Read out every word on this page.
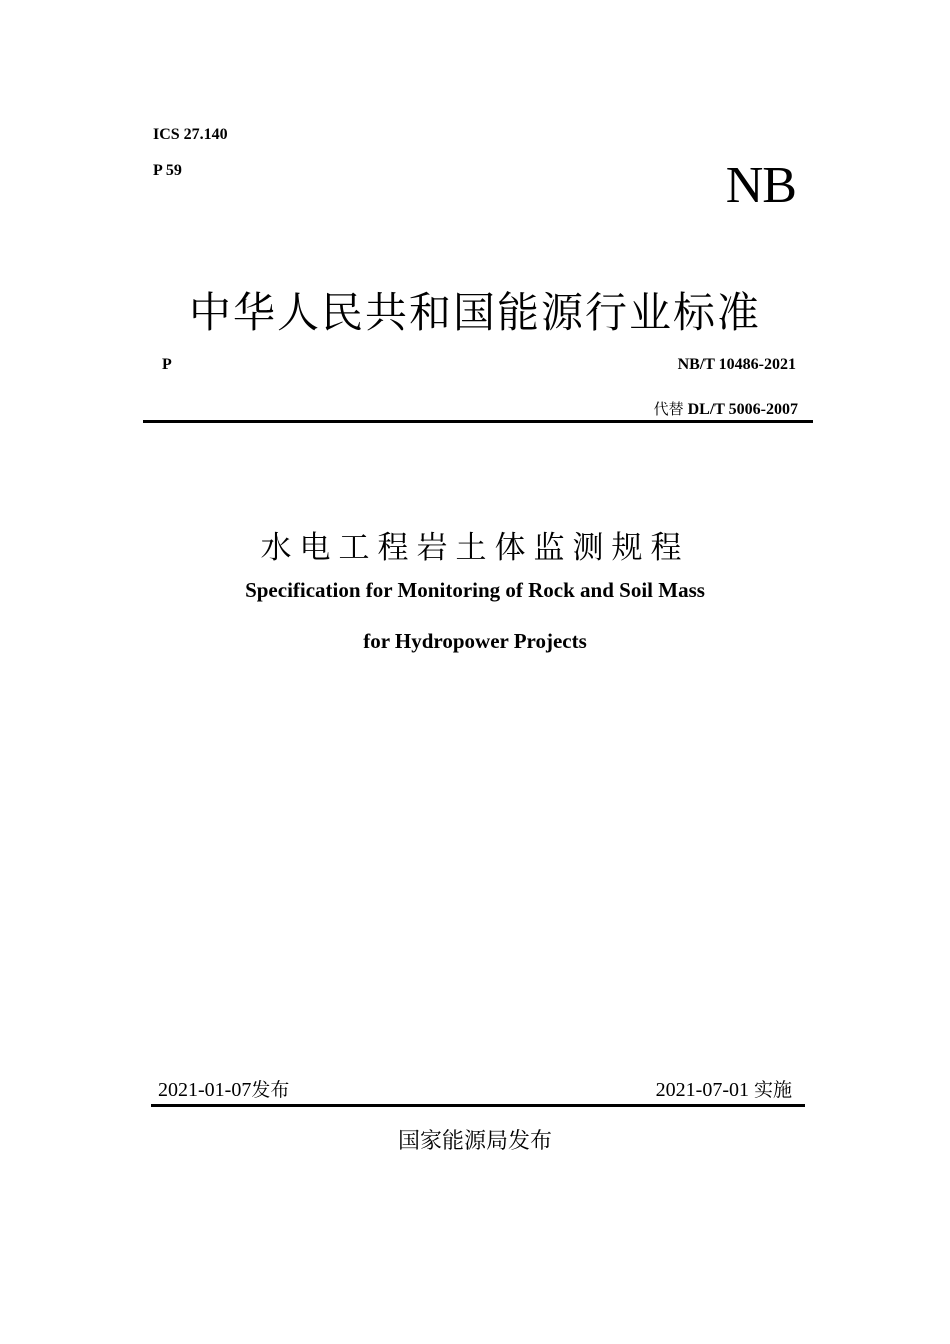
ICS 27.140
P 59	NB
中华人民共和国能源行业标准
P	NB/T 10486-2021
代替 DL/T 5006-2007
水电工程岩土体监测规程
Specification for Monitoring of Rock and Soil Mass
for Hydropower Projects
2021-01-07发布	2021-07-01 实施
国家能源局发布
